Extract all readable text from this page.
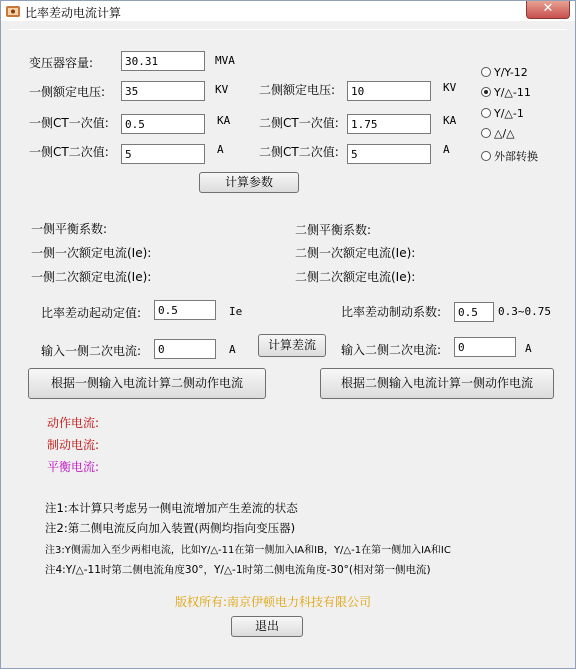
比率差动电流计算	✕
变压器容量:
30.31	MVA
一侧额定电压:
35	KV	二侧额定电压:
10	KV
一侧CT一次值:
0.5	KA 二侧CT一次值:
1.75	KA
一侧CT二次值:
5	A	二侧CT二次值:
5	A
Y/Y-12
Y/△-11
Y/△-1
△/△
外部转换
计算参数
一侧平衡系数:	二侧平衡系数:
一侧一次额定电流(Ie):	二侧一次额定电流(Ie):
一侧二次额定电流(Ie):	二侧二次额定电流(Ie):
比率差动起动定值:
0.5	Ie	比率差动制动系数:
0.5	0.3~0.75
输入一侧二次电流:
0	A	计算差流	输入二侧二次电流:
0	A
根据一侧输入电流计算二侧动作电流	根据二侧输入电流计算一侧动作电流
动作电流:
制动电流:
平衡电流:
注1:本计算只考虑另一侧电流增加产生差流的状态
注2:第二侧电流反向加入装置(两侧均指向变压器)
注3:Y侧需加入至少两相电流，比如Y/△-11在第一侧加入IA和IB，Y/△-1在第一侧加入IA和IC
注4:Y/△-11时第二侧电流角度30°，Y/△-1时第二侧电流角度-30°(相对第一侧电流)
版权所有:南京伊顿电力科技有限公司
退出
